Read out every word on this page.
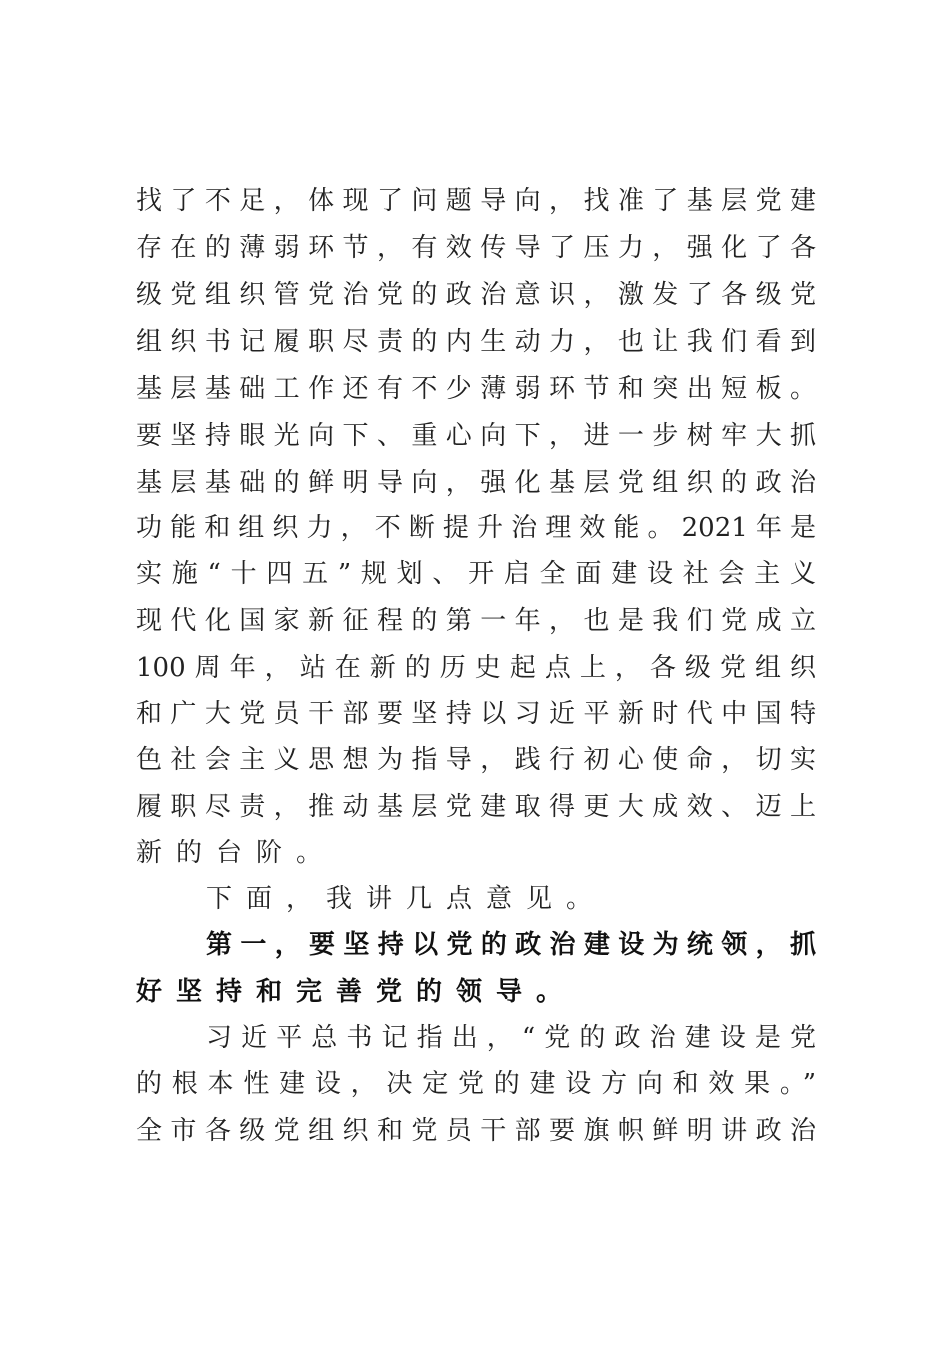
找了不足，体现了问题导向，找准了基层党建
存在的薄弱环节，有效传导了压力，强化了各
级党组织管党治党的政治意识，激发了各级党
组织书记履职尽责的内生动力，也让我们看到
基层基础工作还有不少薄弱环节和突出短板。
要坚持眼光向下、重心向下，进一步树牢大抓
基层基础的鲜明导向，强化基层党组织的政治
功能和组织力，不断提升治理效能。2021年是
实施“十四五”规划、开启全面建设社会主义
现代化国家新征程的第一年，也是我们党成立
100周年，站在新的历史起点上，各级党组织
和广大党员干部要坚持以习近平新时代中国特
色社会主义思想为指导，践行初心使命，切实
履职尽责，推动基层党建取得更大成效、迈上
新的台阶。
下面，我讲几点意见。
第一，要坚持以党的政治建设为统领，抓
好坚持和完善党的领导。
习近平总书记指出，“党的政治建设是党
的根本性建设，决定党的建设方向和效果。”
全市各级党组织和党员干部要旗帜鲜明讲政治
